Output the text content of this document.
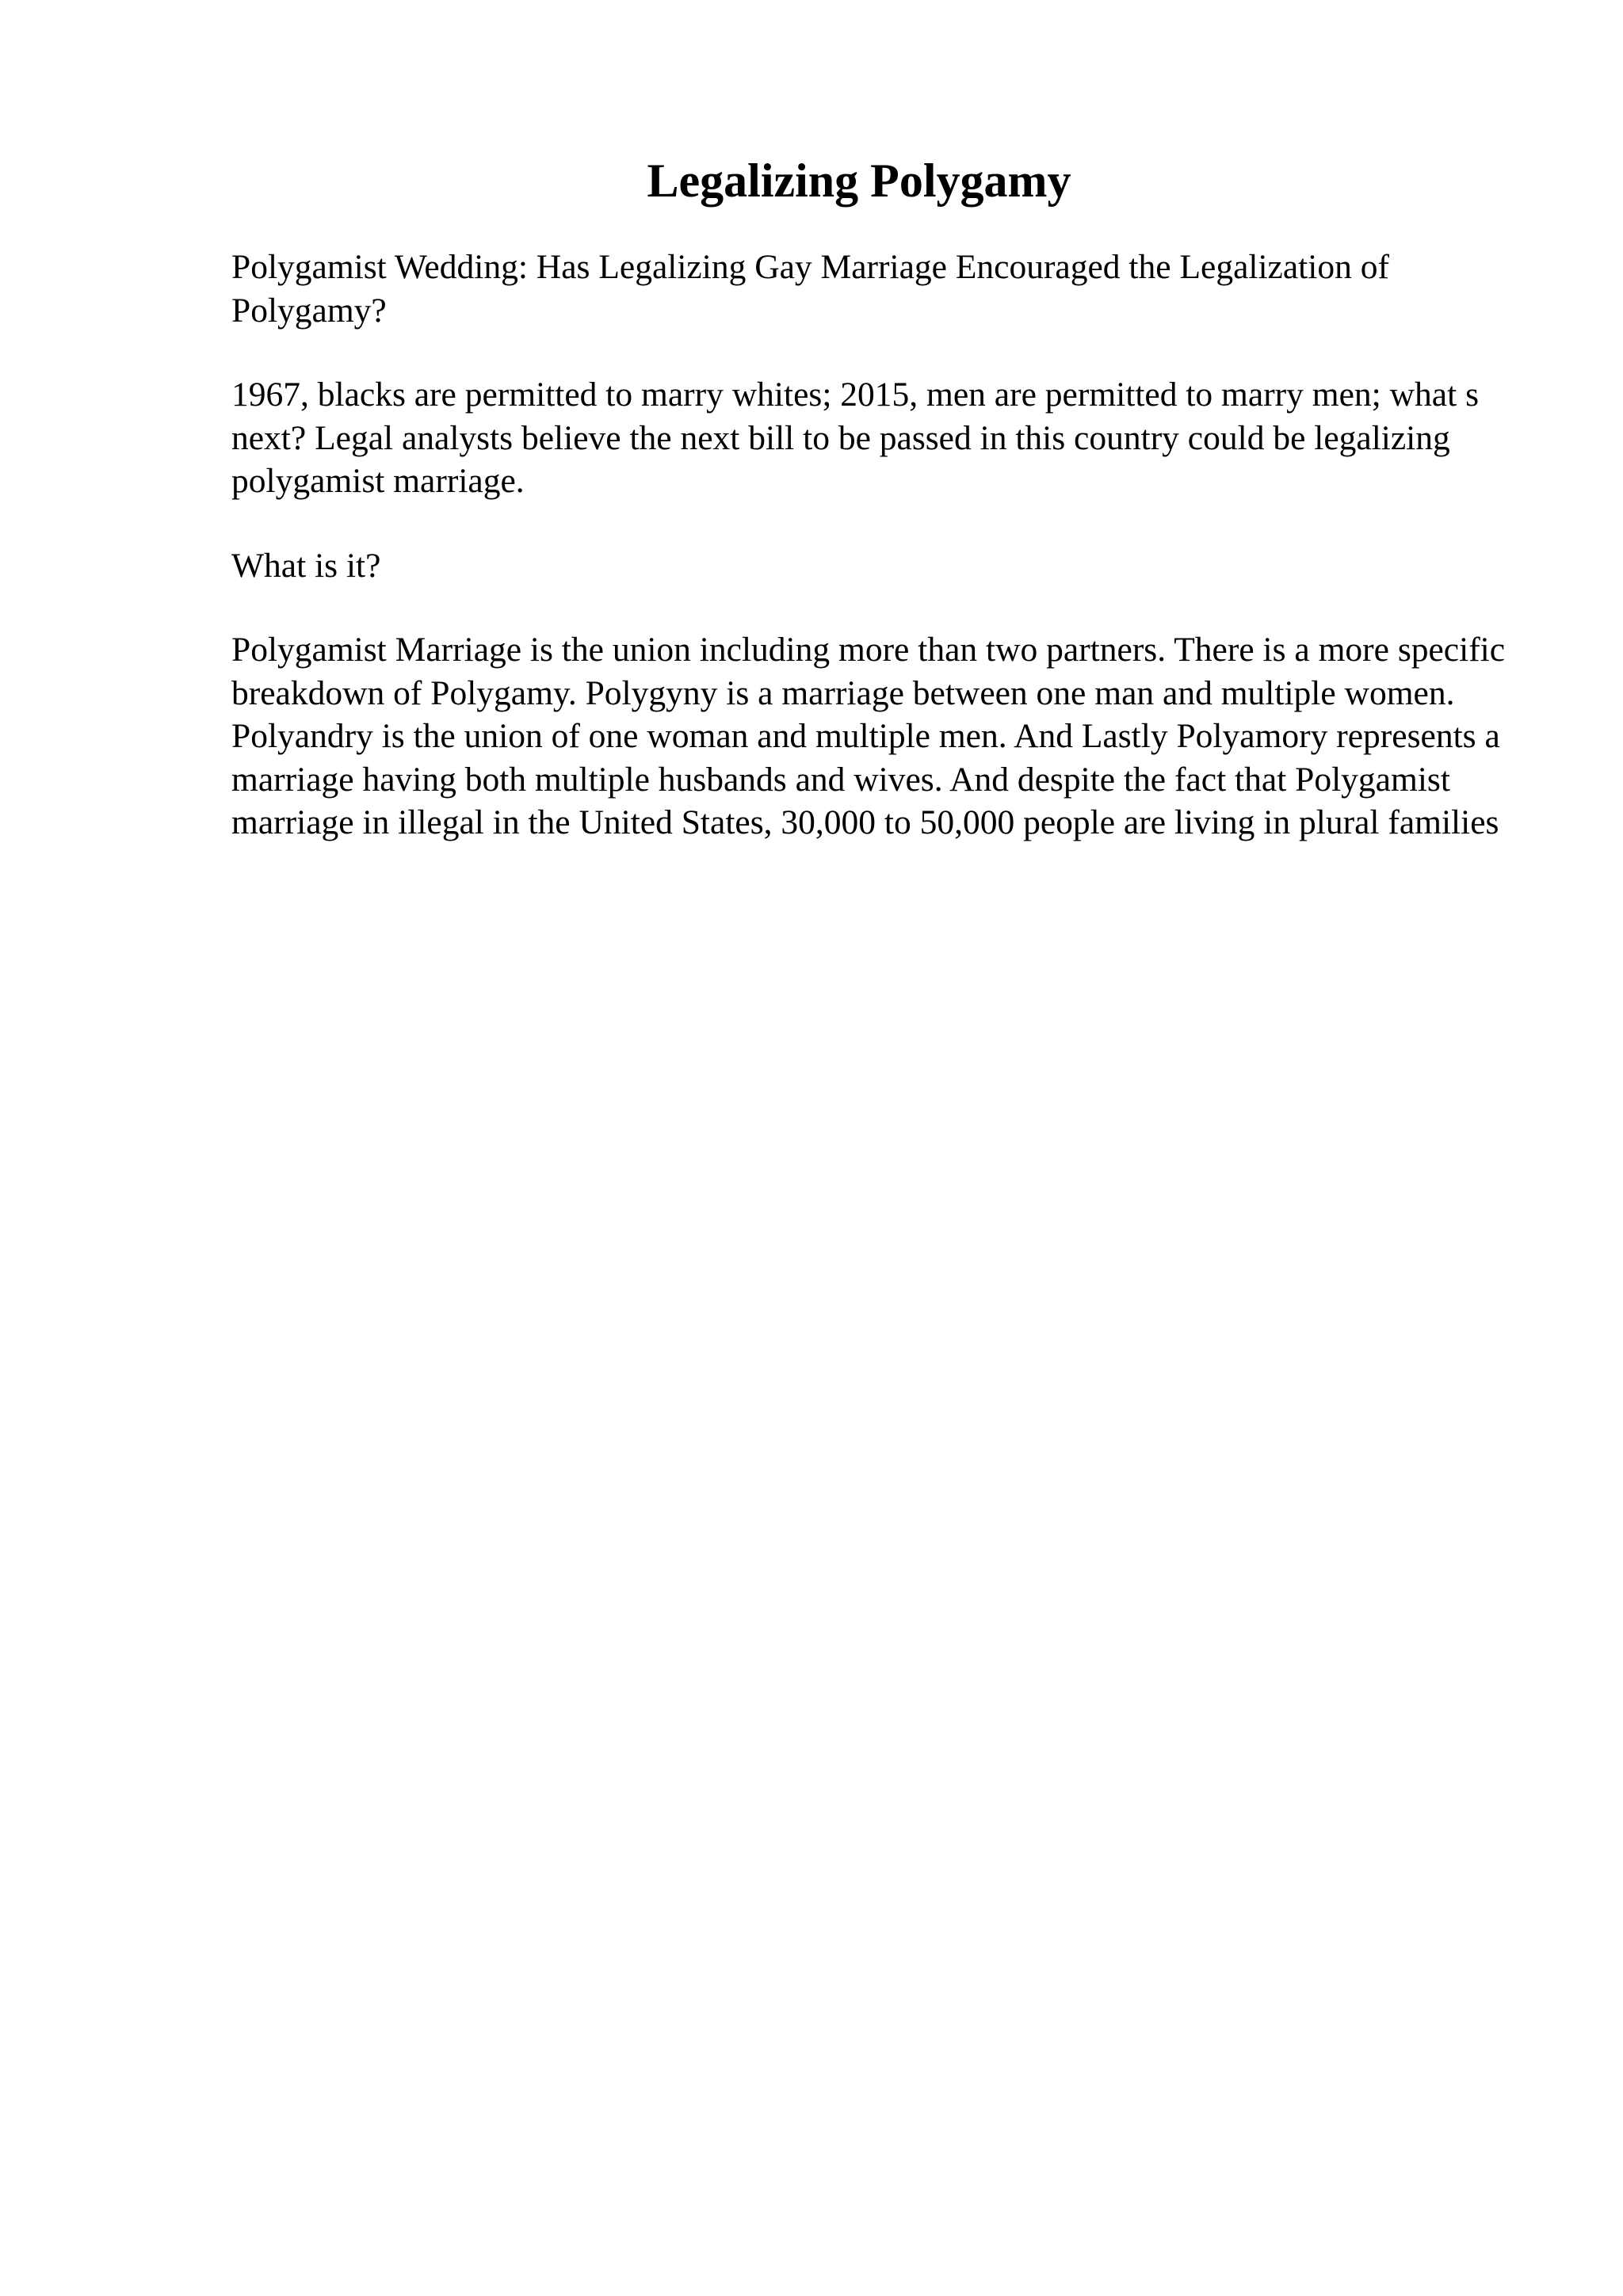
Legalizing Polygamy

Polygamist Wedding: Has Legalizing Gay Marriage Encouraged the Legalization of Polygamy?

1967, blacks are permitted to marry whites; 2015, men are permitted to marry men; what s next? Legal analysts believe the next bill to be passed in this country could be legalizing polygamist marriage.

What is it?

Polygamist Marriage is the union including more than two partners. There is a more specific breakdown of Polygamy. Polygyny is a marriage between one man and multiple women. Polyandry is the union of one woman and multiple men. And Lastly Polyamory represents a marriage having both multiple husbands and wives. And despite the fact that Polygamist marriage in illegal in the United States, 30,000 to 50,000 people are living in plural families
